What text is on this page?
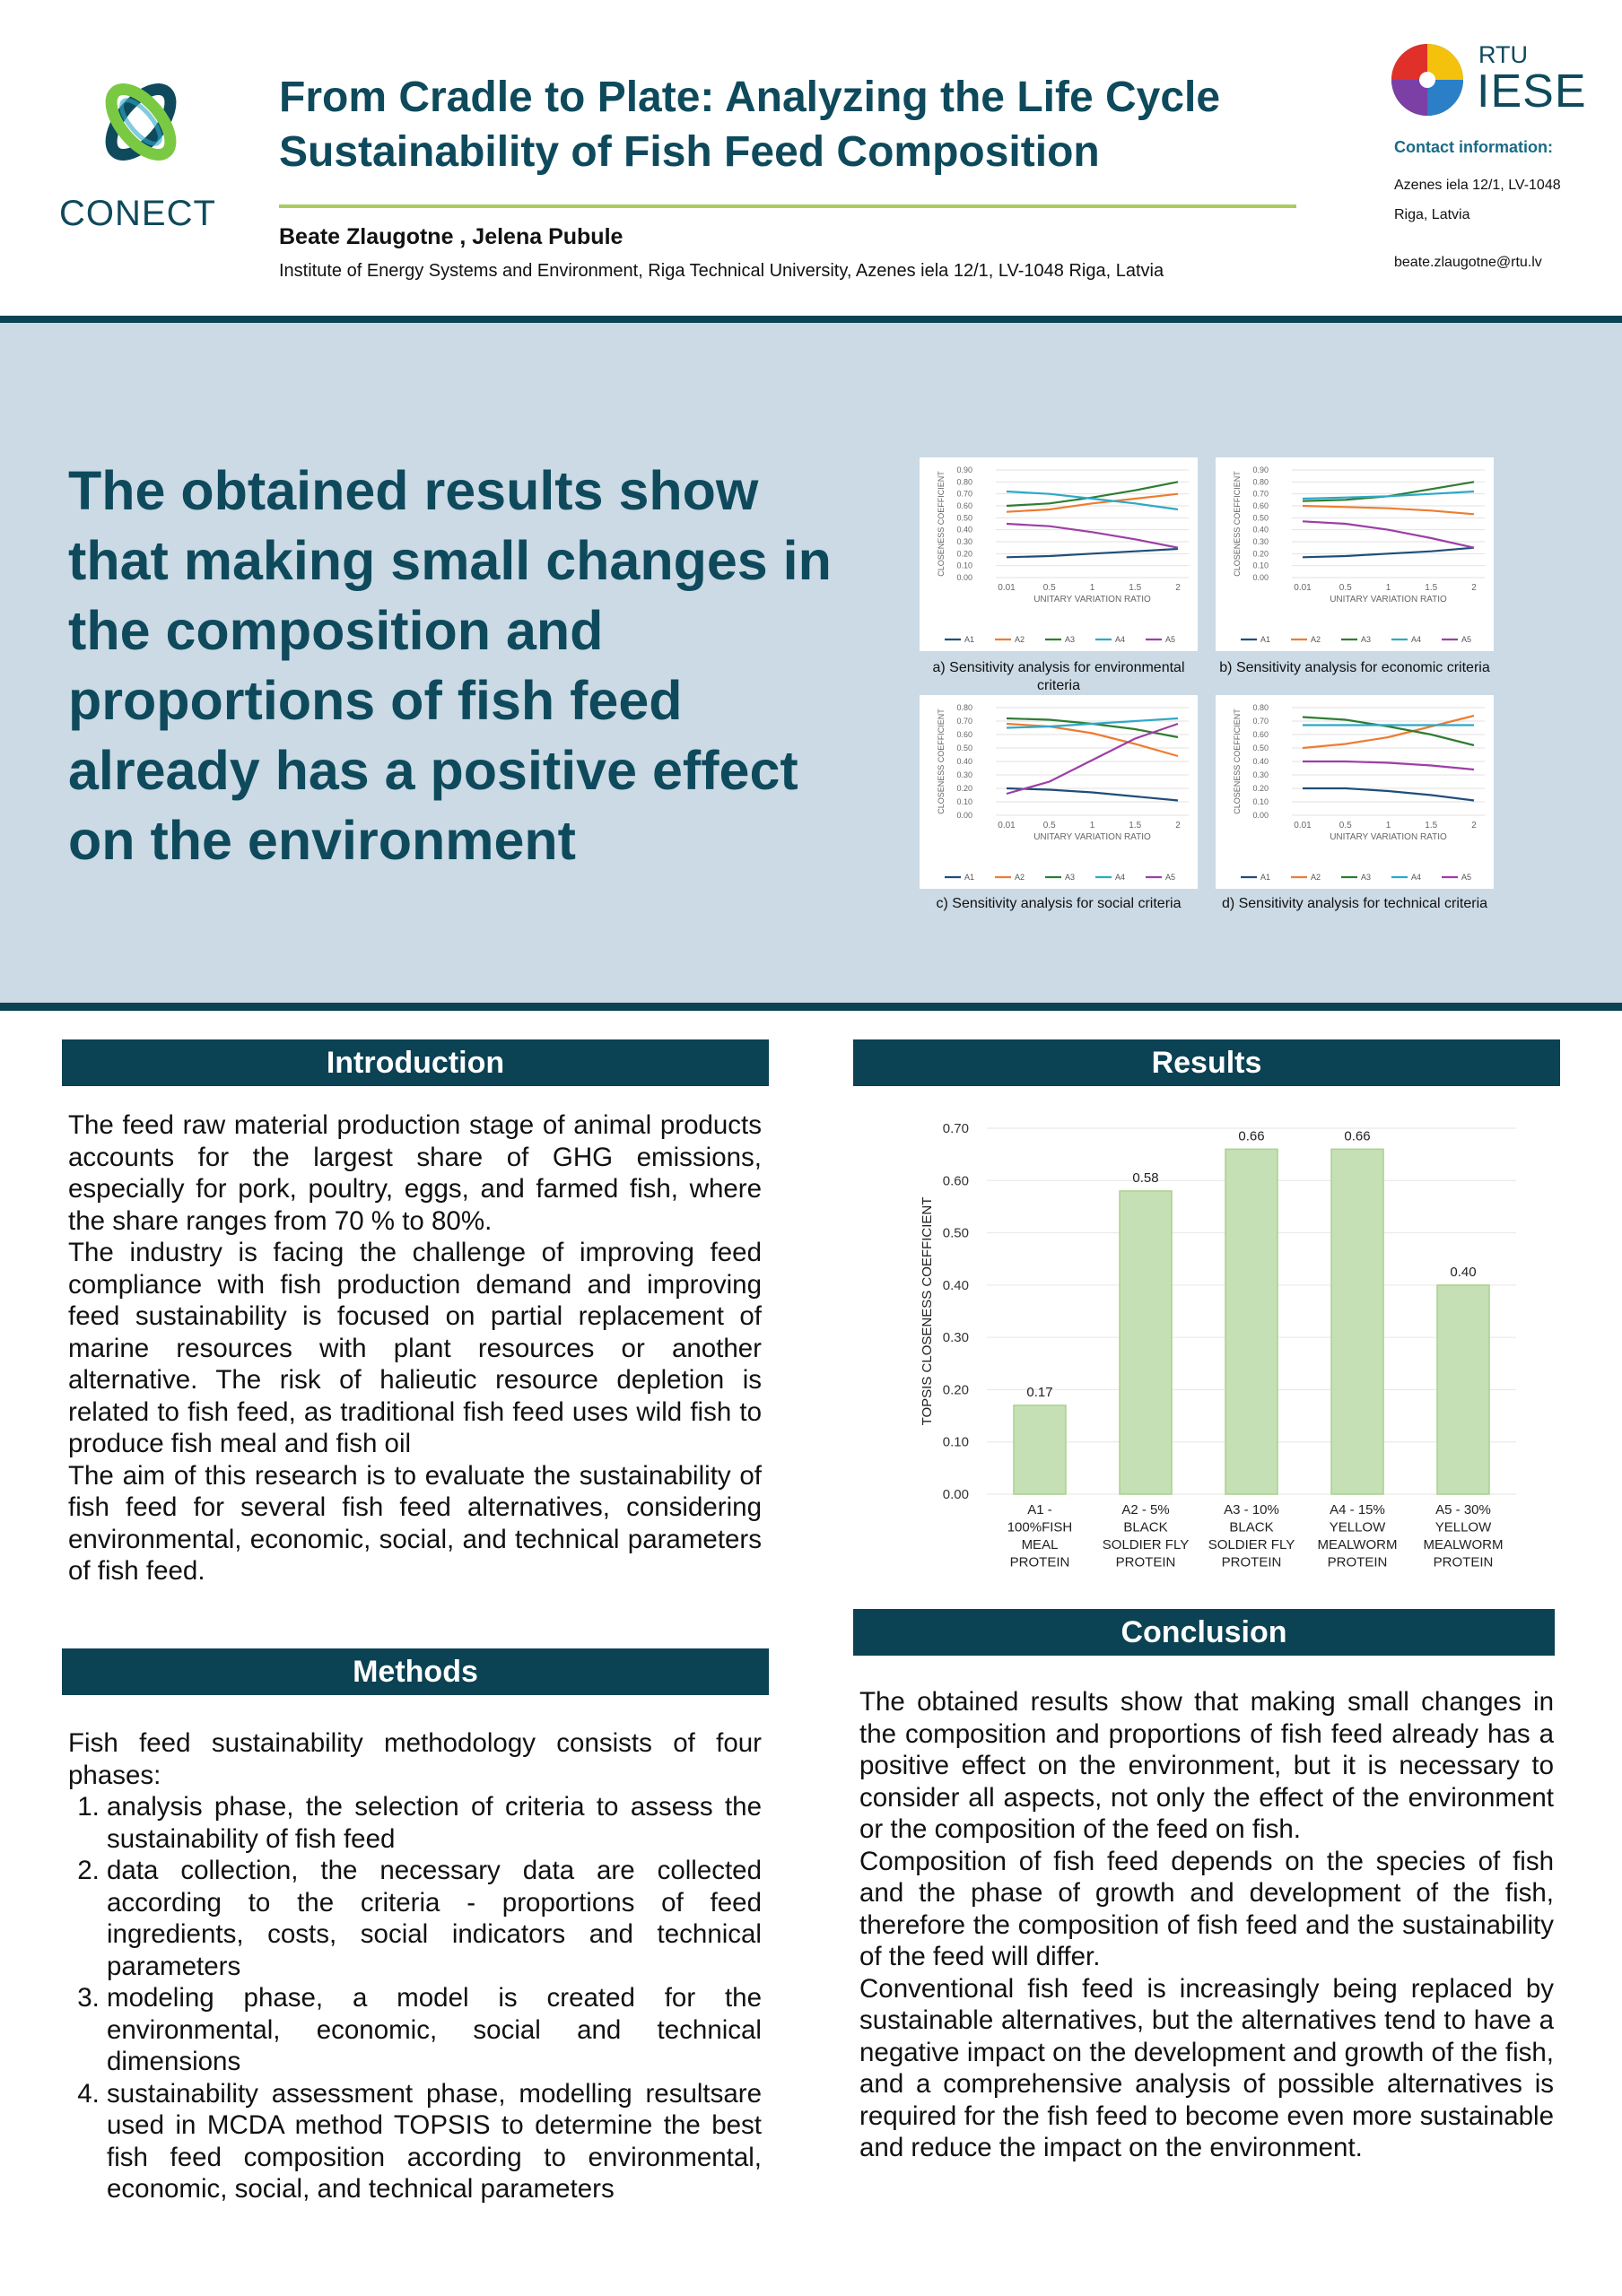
CONECT
From Cradle to Plate: Analyzing the Life Cycle Sustainability of Fish Feed Composition
Beate Zlaugotne , Jelena Pubule
Institute of Energy Systems and Environment, Riga Technical University, Azenes iela 12/1, LV-1048 Riga, Latvia
RTU
IESE
Contact information:
Azenes iela 12/1, LV-1048 Riga, Latvia
beate.zlaugotne@rtu.lv
The obtained results show that making small changes in the composition and proportions of fish feed already has a positive effect on the environment
0.90
0.80
0.70
0.60
0.50
0.40
0.30
0.20
0.10
0.00
CLOSENESS COEFFICIENT
0.01	0.5	1	1.5	2
UNITARY VARIATION RATIO
A1	A2	A3	A4	A5
a) Sensitivity analysis for environmental criteria
0.90
0.80
0.70
0.60
0.50
0.40
0.30
0.20
0.10
0.00
CLOSENESS COEFFICIENT
0.01	0.5	1	1.5	2
UNITARY VARIATION RATIO
A1	A2	A3	A4	A5
b) Sensitivity analysis for economic criteria
0.80
0.70
0.60
0.50
0.40
0.30
0.20
0.10
0.00
CLOSENESS COEFFICIENT
0.01	0.5	1	1.5	2
UNITARY VARIATION RATIO
A1	A2	A3	A4	A5
c) Sensitivity analysis for social criteria
0.80
0.70
0.60
0.50
0.40
0.30
0.20
0.10
0.00
CLOSENESS COEFFICIENT
0.01	0.5	1	1.5	2
UNITARY VARIATION RATIO
A1	A2	A3	A4	A5
d) Sensitivity analysis for technical criteria
Introduction

The feed raw material production stage of animal products accounts for the largest share of GHG emissions, especially for pork, poultry, eggs, and farmed fish, where the share ranges from 70 % to 80%.

The industry is facing the challenge of improving feed compliance with fish production demand and improving feed sustainability is focused on partial replacement of marine resources with plant resources or another alternative. The risk of halieutic resource depletion is related to fish feed, as traditional fish feed uses wild fish to produce fish meal and fish oil

The aim of this research is to evaluate the sustainability of fish feed for several fish feed alternatives, considering environmental, economic, social, and technical parameters of fish feed.

Methods

Fish feed sustainability methodology consists of four phases:

1. analysis phase, the selection of criteria to assess the sustainability of fish feed
2. data collection, the necessary data are collected according to the criteria - proportions of feed ingredients, costs, social indicators and technical parameters
3. modeling phase, a model is created for the environmental, economic, social and technical dimensions
4. sustainability assessment phase, modelling resultsare used in MCDA method TOPSIS to determine the best fish feed composition according to environmental, economic, social, and technical parameters
Results
0.70
0.60
0.50
0.40
0.30
0.20
0.10
0.00
TOPSIS CLOSENESS COEFFICIENT	0.17
A1 -
100%FISH
MEAL
PROTEIN
0.58
A2 - 5%
BLACK
SOLDIER FLY
PROTEIN
0.66
A3 - 10%
BLACK
SOLDIER FLY
PROTEIN
0.66
A4 - 15%
YELLOW
MEALWORM
PROTEIN
0.40
A5 - 30%
YELLOW
MEALWORM
PROTEIN
Conclusion

The obtained results show that making small changes in the composition and proportions of fish feed already has a positive effect on the environment, but it is necessary to consider all aspects, not only the effect of the environment or the composition of the feed on fish.

Composition of fish feed depends on the species of fish and the phase of growth and development of the fish, therefore the composition of fish feed and the sustainability of the feed will differ.

Conventional fish feed is increasingly being replaced by sustainable alternatives, but the alternatives tend to have a negative impact on the development and growth of the fish, and a comprehensive analysis of possible alternatives is required for the fish feed to become even more sustainable and reduce the impact on the environment.
